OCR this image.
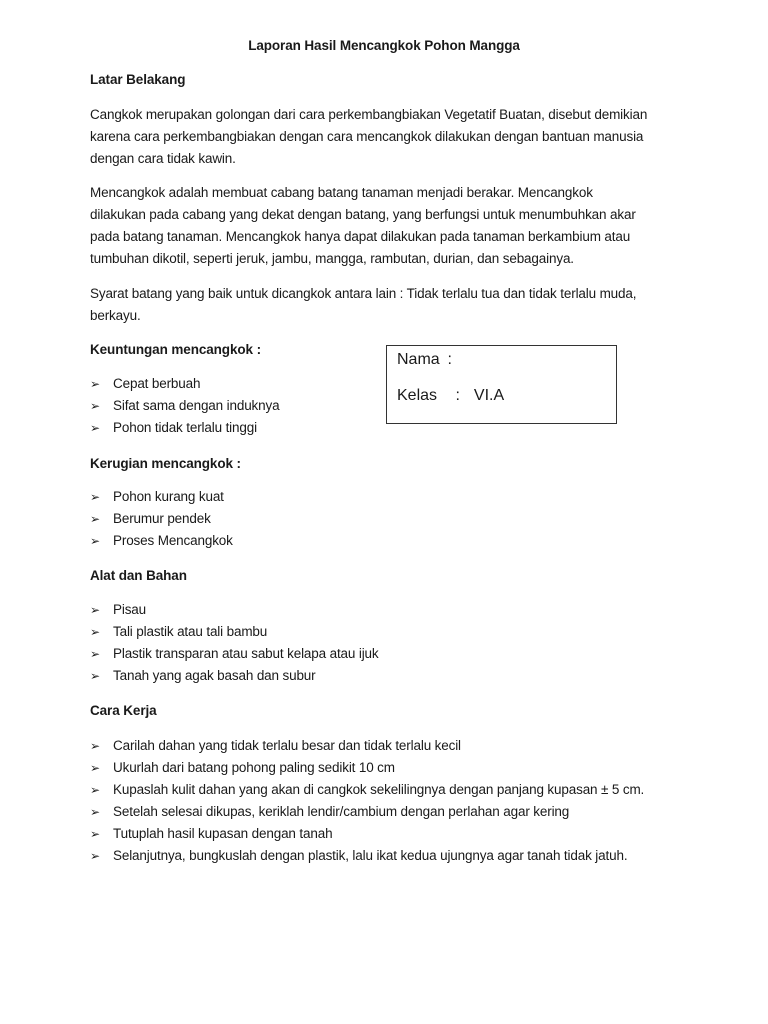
Laporan Hasil Mencangkok Pohon Mangga
Latar Belakang

Cangkok merupakan golongan dari cara perkembangbiakan Vegetatif Buatan, disebut demikian
karena cara perkembangbiakan dengan cara mencangkok dilakukan dengan bantuan manusia
dengan cara tidak kawin.

Mencangkok adalah membuat cabang batang tanaman menjadi berakar. Mencangkok
dilakukan pada cabang yang dekat dengan batang, yang berfungsi untuk menumbuhkan akar
pada batang tanaman. Mencangkok hanya dapat dilakukan pada tanaman berkambium atau
tumbuhan dikotil, seperti jeruk, jambu, mangga, rambutan, durian, dan sebagainya.

Syarat batang yang baik untuk dicangkok antara lain : Tidak terlalu tua dan tidak terlalu muda,
berkayu.

Keuntungan mencangkok :
➢ Cepat berbuah
➢ Sifat sama dengan induknya
➢ Pohon tidak terlalu tinggi
Nama :
Kelas : VI.A
Kerugian mencangkok :
➢ Pohon kurang kuat
➢ Berumur pendek
➢ Proses Mencangkok
Alat dan Bahan
➢ Pisau
➢ Tali plastik atau tali bambu
➢ Plastik transparan atau sabut kelapa atau ijuk
➢ Tanah yang agak basah dan subur
Cara Kerja
➢ Carilah dahan yang tidak terlalu besar dan tidak terlalu kecil
➢ Ukurlah dari batang pohong paling sedikit 10 cm
➢ Kupaslah kulit dahan yang akan di cangkok sekelilingnya dengan panjang kupasan ± 5 cm.
➢ Setelah selesai dikupas, keriklah lendir/cambium dengan perlahan agar kering
➢ Tutuplah hasil kupasan dengan tanah
➢ Selanjutnya, bungkuslah dengan plastik, lalu ikat kedua ujungnya agar tanah tidak jatuh.
